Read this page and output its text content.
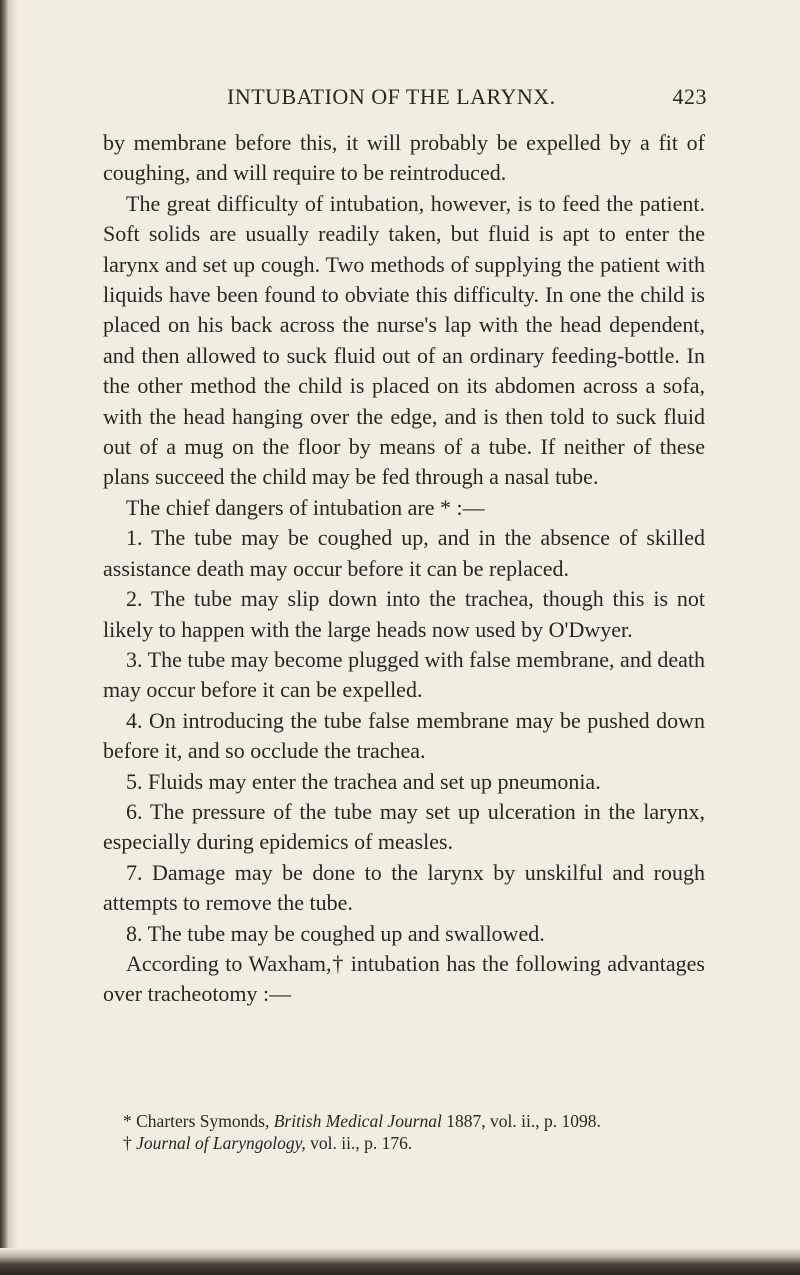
INTUBATION OF THE LARYNX.	423

by membrane before this, it will probably be expelled by a fit of coughing, and will require to be reintroduced.

The great difficulty of intubation, however, is to feed the patient. Soft solids are usually readily taken, but fluid is apt to enter the larynx and set up cough. Two methods of supplying the patient with liquids have been found to obviate this difficulty. In one the child is placed on his back across the nurse's lap with the head dependent, and then allowed to suck fluid out of an ordinary feeding-bottle. In the other method the child is placed on its abdomen across a sofa, with the head hanging over the edge, and is then told to suck fluid out of a mug on the floor by means of a tube. If neither of these plans succeed the child may be fed through a nasal tube.

The chief dangers of intubation are * :—

1. The tube may be coughed up, and in the absence of skilled assistance death may occur before it can be replaced.

2. The tube may slip down into the trachea, though this is not likely to happen with the large heads now used by O'Dwyer.

3. The tube may become plugged with false membrane, and death may occur before it can be expelled.

4. On introducing the tube false membrane may be pushed down before it, and so occlude the trachea.

5. Fluids may enter the trachea and set up pneumonia.

6. The pressure of the tube may set up ulceration in the larynx, especially during epidemics of measles.

7. Damage may be done to the larynx by unskilful and rough attempts to remove the tube.

8. The tube may be coughed up and swallowed.

According to Waxham,† intubation has the following advantages over tracheotomy :—

* Charters Symonds, British Medical Journal 1887, vol. ii., p. 1098.

† Journal of Laryngology, vol. ii., p. 176.
